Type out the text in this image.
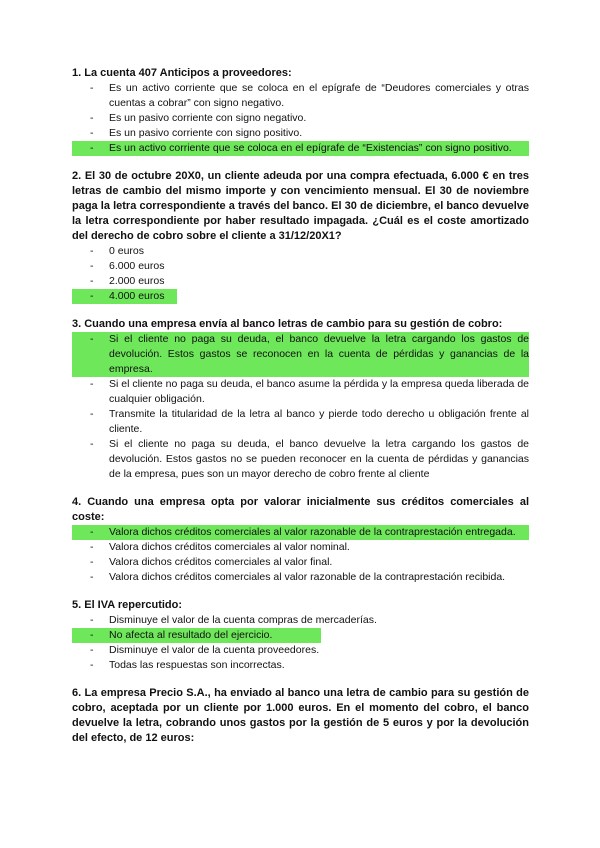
1. La cuenta 407 Anticipos a proveedores:

- Es un activo corriente que se coloca en el epígrafe de “Deudores comerciales y otras cuentas a cobrar” con signo negativo.
- Es un pasivo corriente con signo negativo.
- Es un pasivo corriente con signo positivo.
- Es un activo corriente que se coloca en el epígrafe de “Existencias” con signo positivo.

2. El 30 de octubre 20X0, un cliente adeuda por una compra efectuada, 6.000 € en tres letras de cambio del mismo importe y con vencimiento mensual. El 30 de noviembre paga la letra correspondiente a través del banco. El 30 de diciembre, el banco devuelve la letra correspondiente por haber resultado impagada. ¿Cuál es el coste amortizado del derecho de cobro sobre el cliente a 31/12/20X1?

- 0 euros
- 6.000 euros
- 2.000 euros
- 4.000 euros

3. Cuando una empresa envía al banco letras de cambio para su gestión de cobro:

- Si el cliente no paga su deuda, el banco devuelve la letra cargando los gastos de devolución. Estos gastos se reconocen en la cuenta de pérdidas y ganancias de la empresa.
- Si el cliente no paga su deuda, el banco asume la pérdida y la empresa queda liberada de cualquier obligación.
- Transmite la titularidad de la letra al banco y pierde todo derecho u obligación frente al cliente.
- Si el cliente no paga su deuda, el banco devuelve la letra cargando los gastos de devolución. Estos gastos no se pueden reconocer en la cuenta de pérdidas y ganancias de la empresa, pues son un mayor derecho de cobro frente al cliente

4. Cuando una empresa opta por valorar inicialmente sus créditos comerciales al coste:

- Valora dichos créditos comerciales al valor razonable de la contraprestación entregada.
- Valora dichos créditos comerciales al valor nominal.
- Valora dichos créditos comerciales al valor final.
- Valora dichos créditos comerciales al valor razonable de la contraprestación recibida.

5. El IVA repercutido:

- Disminuye el valor de la cuenta compras de mercaderías.
- No afecta al resultado del ejercicio.
- Disminuye el valor de la cuenta proveedores.
- Todas las respuestas son incorrectas.

6. La empresa Precio S.A., ha enviado al banco una letra de cambio para su gestión de cobro, aceptada por un cliente por 1.000 euros. En el momento del cobro, el banco devuelve la letra, cobrando unos gastos por la gestión de 5 euros y por la devolución del efecto, de 12 euros:
